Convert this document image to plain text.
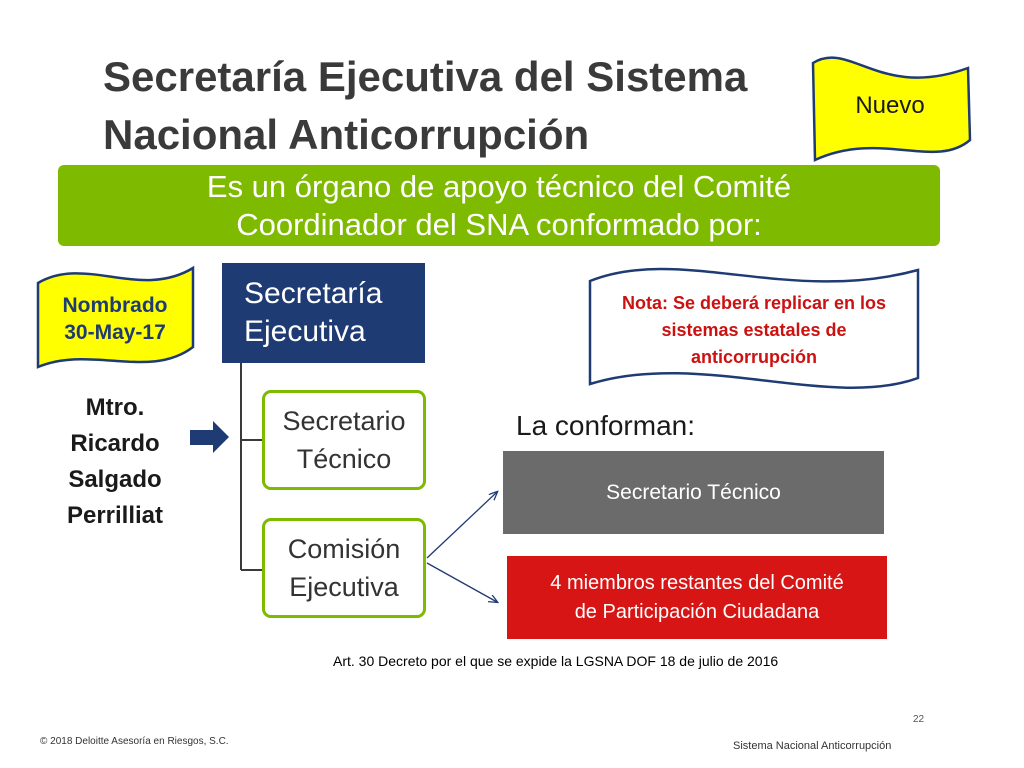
Secretaría Ejecutiva del Sistema
Nacional Anticorrupción
Es un órgano de apoyo técnico del Comité
Coordinador del SNA conformado por:
Nuevo
Nombrado
30-May-17
Mtro.
Ricardo
Salgado
Perrilliat
Secretaría
Ejecutiva
Secretario
Técnico
Comisión
Ejecutiva
Nota: Se deberá replicar en los
sistemas estatales de
anticorrupción
La conforman:
Secretario Técnico
4 miembros restantes del Comité
de Participación Ciudadana
Art. 30 Decreto por el que se expide la LGSNA DOF 18 de julio de 2016
22
© 2018 Deloitte Asesoría en Riesgos, S.C.	Sistema Nacional Anticorrupción
